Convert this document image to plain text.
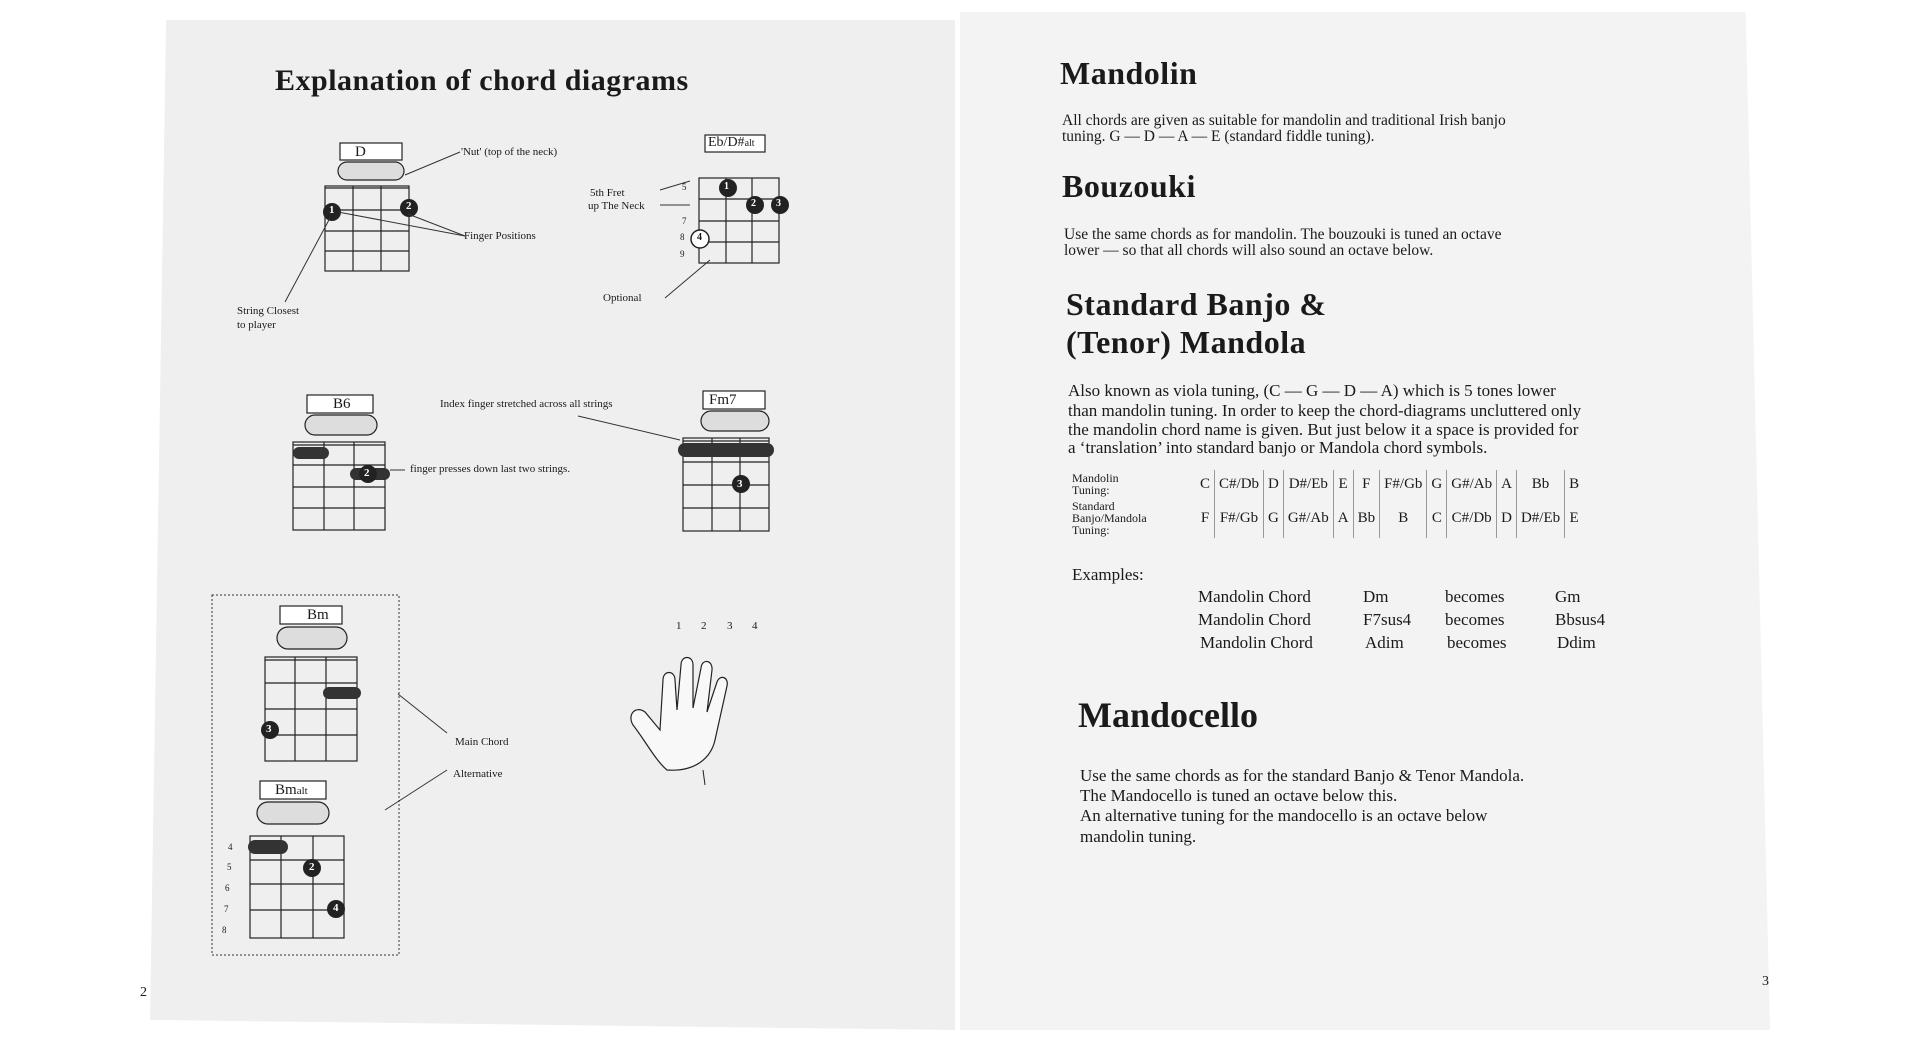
Explanation of chord diagrams
D
1	2
'Nut' (top of the neck)
Finger Positions
String Closest
to player
Eb/D#alt
1
2 3
4
5
7
8
9
5th Fret
up The Neck
Optional
B6
2	finger presses down last two strings.
Index finger stretched across all strings	Fm7
3
Bm
3
Main Chord
Alternative
Bmalt
2
4
4
5
6
7
8
1 2 3 4
2
Mandolin
All chords are given as suitable for mandolin and traditional Irish banjo
tuning. G — D — A — E (standard fiddle tuning).
Bouzouki
Use the same chords as for mandolin. The bouzouki is tuned an octave
lower — so that all chords will also sound an octave below.
Standard Banjo &
(Tenor) Mandola
Also known as viola tuning, (C — G — D — A) which is 5 tones lower
than mandolin tuning. In order to keep the chord-diagrams uncluttered only
the mandolin chord name is given. But just below it a space is provided for
a ‘translation’ into standard banjo or Mandola chord symbols.
Mandolin
Tuning:	C	C#/Db	D	D#/Eb	E	F	F#/Gb	G	G#/Ab	A	Bb	B
Standard
Banjo/Mandola
Tuning:	F	F#/Gb	G	G#/Ab	A	Bb	B	C	C#/Db	D	D#/Eb	E
Examples:
Mandolin Chord	Dm	becomes	Gm
Mandolin Chord	F7sus4 becomes	Bbsus4
Mandolin Chord	Adim	becomes	Ddim
Mandocello
Use the same chords as for the standard Banjo & Tenor Mandola.
The Mandocello is tuned an octave below this.
An alternative tuning for the mandocello is an octave below
mandolin tuning.
3
